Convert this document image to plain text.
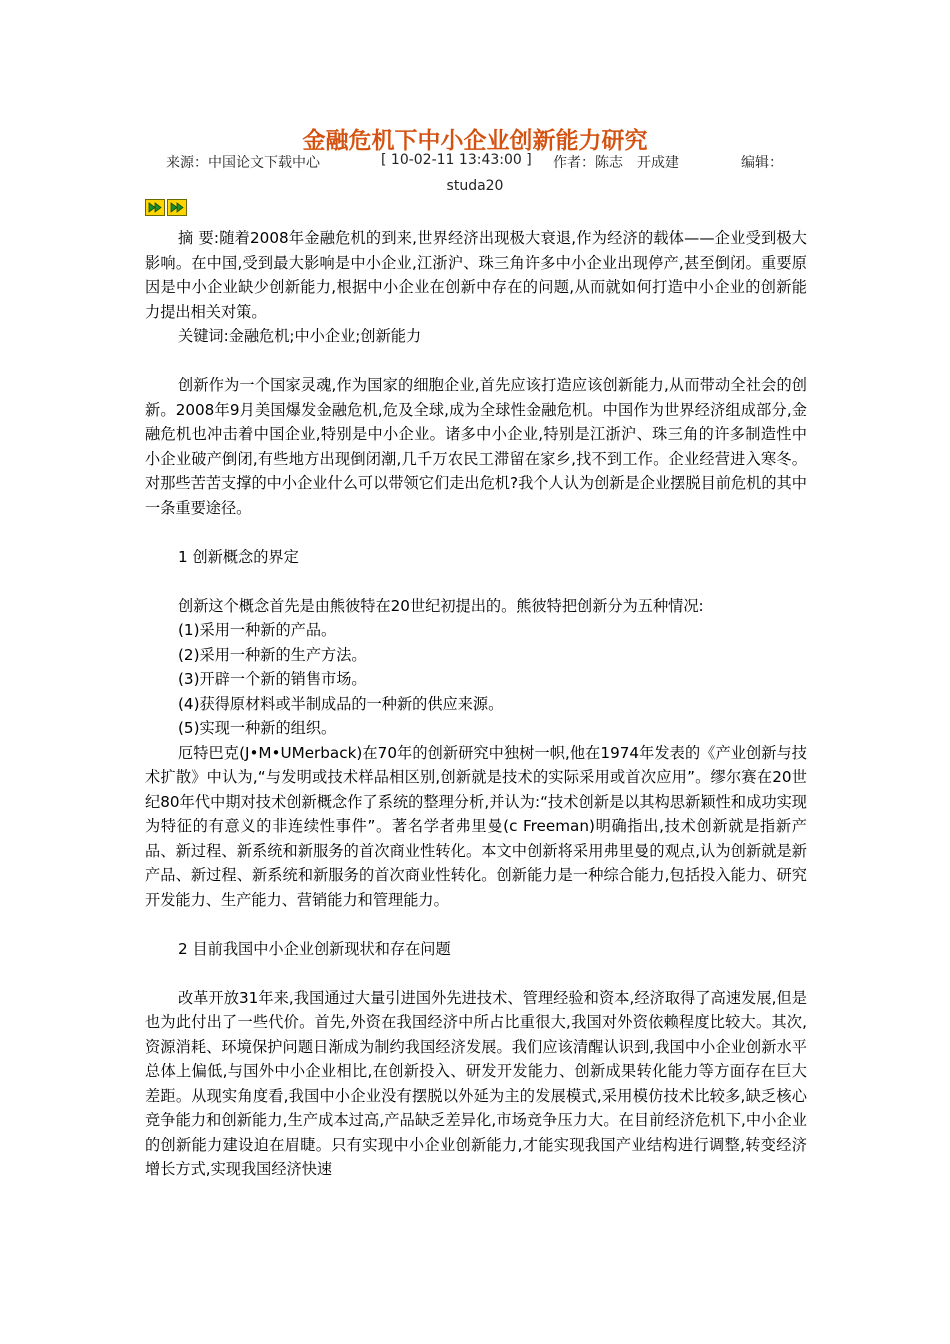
金融危机下中小企业创新能力研究
来源：中国论文下载中心	[ 10-02-11 13:43:00 ] 作者：陈志　开成建	编辑：
studa20

摘 要:随着2008年金融危机的到来,世界经济出现极大衰退,作为经济的载体——企业受到极大影响。在中国,受到最大影响是中小企业,江浙沪、珠三角许多中小企业出现停产,甚至倒闭。重要原因是中小企业缺少创新能力,根据中小企业在创新中存在的问题,从而就如何打造中小企业的创新能力提出相关对策。

关键词:金融危机;中小企业;创新能力

创新作为一个国家灵魂,作为国家的细胞企业,首先应该打造应该创新能力,从而带动全社会的创新。2008年9月美国爆发金融危机,危及全球,成为全球性金融危机。中国作为世界经济组成部分,金融危机也冲击着中国企业,特别是中小企业。诸多中小企业,特别是江浙沪、珠三角的许多制造性中小企业破产倒闭,有些地方出现倒闭潮,几千万农民工滞留在家乡,找不到工作。企业经营进入寒冬。对那些苦苦支撑的中小企业什么可以带领它们走出危机?我个人认为创新是企业摆脱目前危机的其中一条重要途径。

1 创新概念的界定

创新这个概念首先是由熊彼特在20世纪初提出的。熊彼特把创新分为五种情况:

(1)采用一种新的产品。

(2)采用一种新的生产方法。

(3)开辟一个新的销售市场。

(4)获得原材料或半制成品的一种新的供应来源。

(5)实现一种新的组织。

厄特巴克(J•M•UMerback)在70年的创新研究中独树一帜,他在1974年发表的《产业创新与技术扩散》中认为,“与发明或技术样品相区别,创新就是技术的实际采用或首次应用”。缪尔赛在20世纪80年代中期对技术创新概念作了系统的整理分析,并认为:“技术创新是以其构思新颖性和成功实现为特征的有意义的非连续性事件”。著名学者弗里曼(c Freeman)明确指出,技术创新就是指新产品、新过程、新系统和新服务的首次商业性转化。本文中创新将采用弗里曼的观点,认为创新就是新产品、新过程、新系统和新服务的首次商业性转化。创新能力是一种综合能力,包括投入能力、研究开发能力、生产能力、营销能力和管理能力。

2 目前我国中小企业创新现状和存在问题

改革开放31年来,我国通过大量引进国外先进技术、管理经验和资本,经济取得了高速发展,但是也为此付出了一些代价。首先,外资在我国经济中所占比重很大,我国对外资依赖程度比较大。其次,资源消耗、环境保护问题日渐成为制约我国经济发展。我们应该清醒认识到,我国中小企业创新水平总体上偏低,与国外中小企业相比,在创新投入、研发开发能力、创新成果转化能力等方面存在巨大差距。从现实角度看,我国中小企业没有摆脱以外延为主的发展模式,采用模仿技术比较多,缺乏核心竞争能力和创新能力,生产成本过高,产品缺乏差异化,市场竞争压力大。在目前经济危机下,中小企业的创新能力建设迫在眉睫。只有实现中小企业创新能力,才能实现我国产业结构进行调整,转变经济增长方式,实现我国经济快速
